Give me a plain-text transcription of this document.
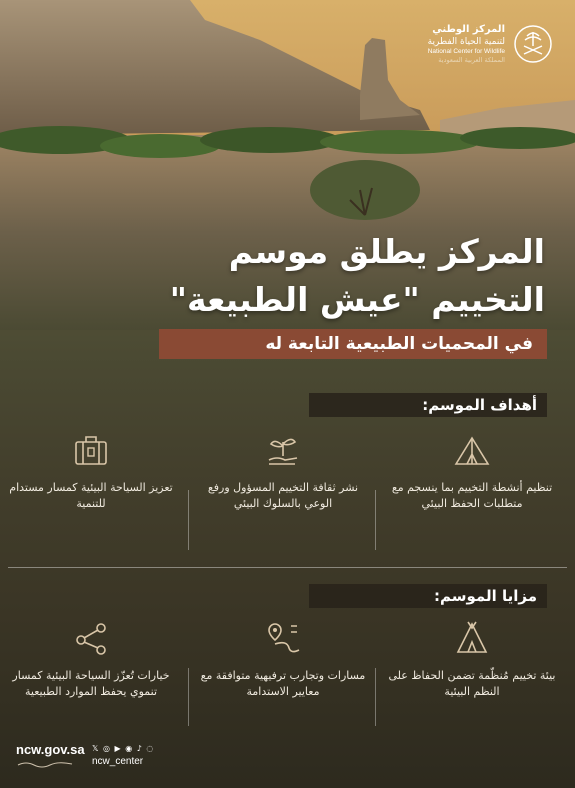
المركز الوطني
لتنمية الحياة الفطرية
National Center for Wildlife
المملكة العربية السعودية
المركز يطلق موسم
التخييم "عيش الطبيعة"
في المحميات الطبيعية التابعة له
أهداف الموسم:
تنظيم أنشطة التخييم بما ينسجم مع متطلبات الحفظ البيئي
نشر ثقافة التخييم المسؤول ورفع الوعي بالسلوك البيئي
تعزيز السياحة البيئية كمسار مستدام للتنمية
مزايا الموسم:
بيئة تخييم مُنظّمة تضمن الحفاظ على النظم البيئية
مسارات وتجارب ترفيهية متوافقة مع معايير الاستدامة
خيارات تُعزّز السياحة البيئية كمسار تنموي يحفظ الموارد الطبيعية
ncw.gov.sa 𝕏 ◎ ▶ ◉ ♪ ◌
ncw_center
